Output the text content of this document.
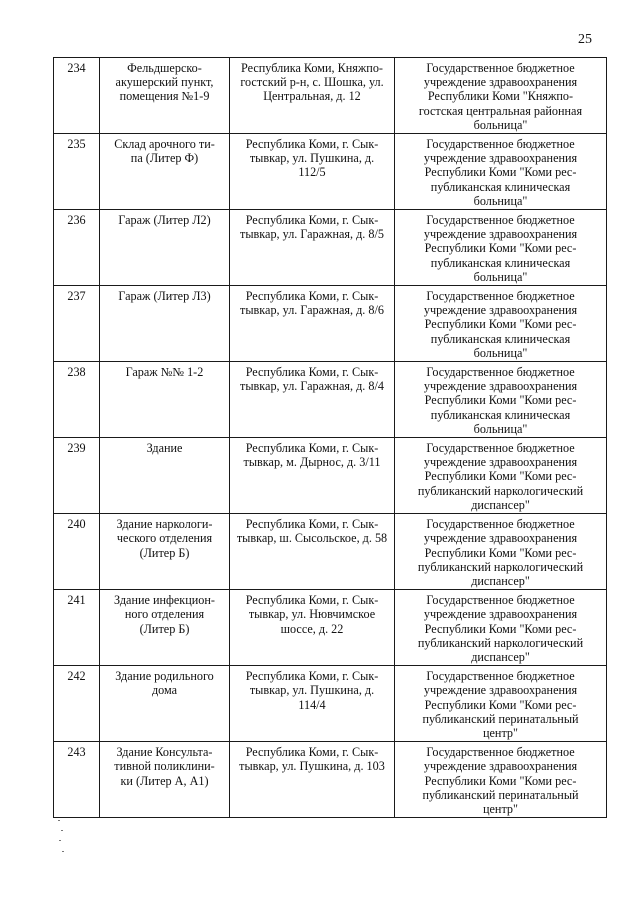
25
234	Фельдшерско-
акушерский пункт,
помещения №1-9	Республика Коми, Княжпо-
гостский р-н, с. Шошка, ул.
Центральная, д. 12	Государственное бюджетное
учреждение здравоохранения
Республики Коми "Княжпо-
гостская центральная районная
больница"
235	Склад арочного ти-
па (Литер Ф)	Республика Коми, г. Сык-
тывкар, ул. Пушкина, д.
112/5	Государственное бюджетное
учреждение здравоохранения
Республики Коми "Коми рес-
публиканская клиническая
больница"
236	Гараж (Литер Л2)	Республика Коми, г. Сык-
тывкар, ул. Гаражная, д. 8/5	Государственное бюджетное
учреждение здравоохранения
Республики Коми "Коми рес-
публиканская клиническая
больница"
237	Гараж (Литер Л3)	Республика Коми, г. Сык-
тывкар, ул. Гаражная, д. 8/6	Государственное бюджетное
учреждение здравоохранения
Республики Коми "Коми рес-
публиканская клиническая
больница"
238	Гараж №№ 1-2	Республика Коми, г. Сык-
тывкар, ул. Гаражная, д. 8/4	Государственное бюджетное
учреждение здравоохранения
Республики Коми "Коми рес-
публиканская клиническая
больница"
239	Здание	Республика Коми, г. Сык-
тывкар, м. Дырнос, д. 3/11	Государственное бюджетное
учреждение здравоохранения
Республики Коми "Коми рес-
публиканский наркологический
диспансер"
240	Здание наркологи-
ческого отделения
(Литер Б)	Республика Коми, г. Сык-
тывкар, ш. Сысольское, д. 58	Государственное бюджетное
учреждение здравоохранения
Республики Коми "Коми рес-
публиканский наркологический
диспансер"
241	Здание инфекцион-
ного отделения
(Литер Б)	Республика Коми, г. Сык-
тывкар, ул. Нювчимское
шоссе, д. 22	Государственное бюджетное
учреждение здравоохранения
Республики Коми "Коми рес-
публиканский наркологический
диспансер"
242	Здание родильного
дома	Республика Коми, г. Сык-
тывкар, ул. Пушкина, д.
114/4	Государственное бюджетное
учреждение здравоохранения
Республики Коми "Коми рес-
публиканский перинатальный
центр"
243	Здание Консульта-
тивной поликлини-
ки (Литер А, А1)	Республика Коми, г. Сык-
тывкар, ул. Пушкина, д. 103	Государственное бюджетное
учреждение здравоохранения
Республики Коми "Коми рес-
публиканский перинатальный
центр"
